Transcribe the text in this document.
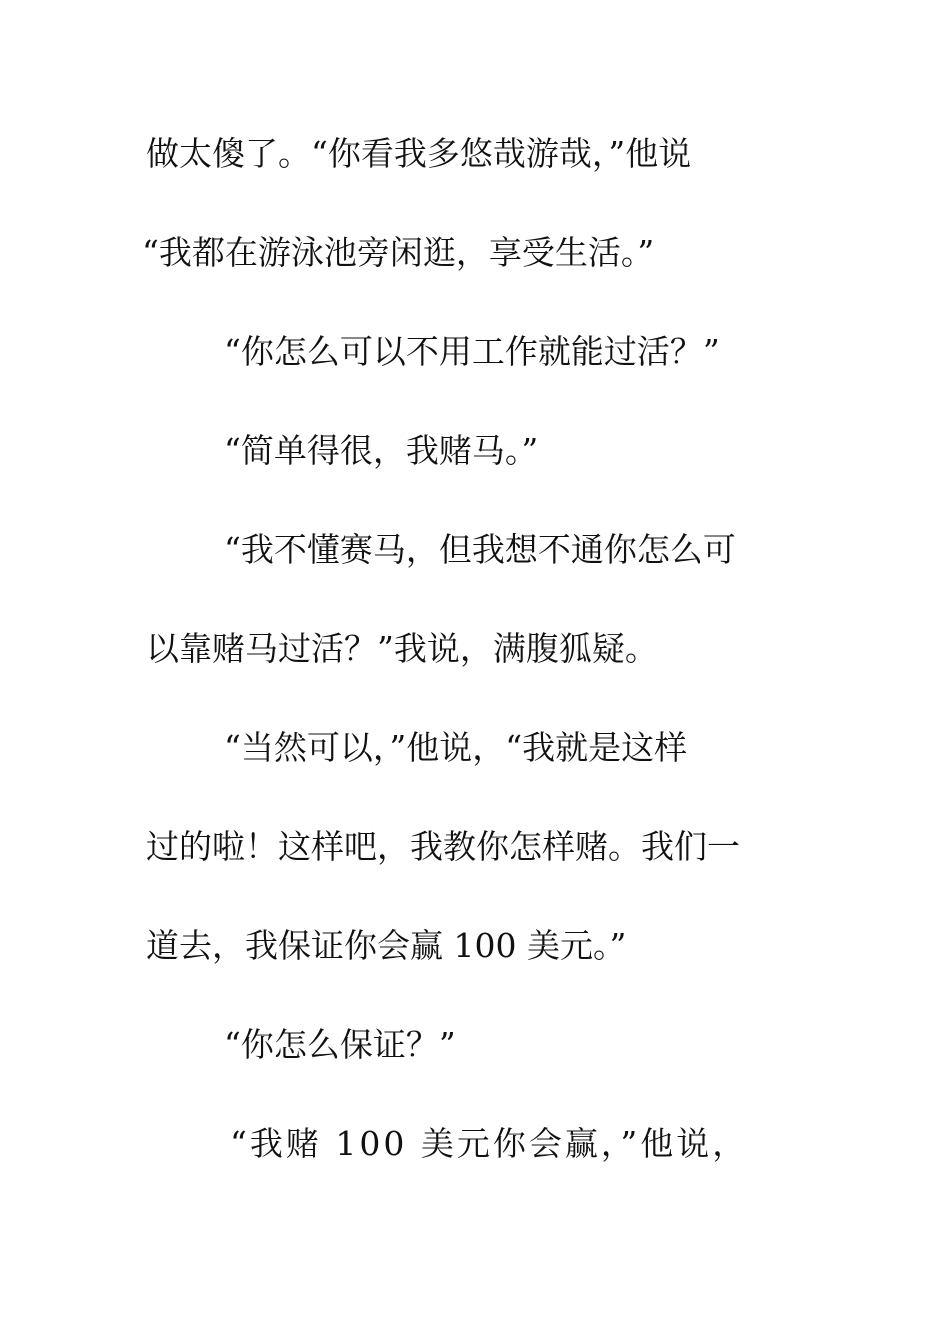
做太傻了。“你看我多悠哉游哉，”他说
“我都在游泳池旁闲逛，享受生活。”
“你怎么可以不用工作就能过活？”
“简单得很，我赌马。”
“我不懂赛马，但我想不通你怎么可
以靠赌马过活？”我说，满腹狐疑。
“当然可以，”他说，“我就是这样
过的啦！这样吧，我教你怎样赌。我们一
道去，我保证你会赢 100 美元。”
“你怎么保证？”
“我赌 100 美元你会赢，”他说，
